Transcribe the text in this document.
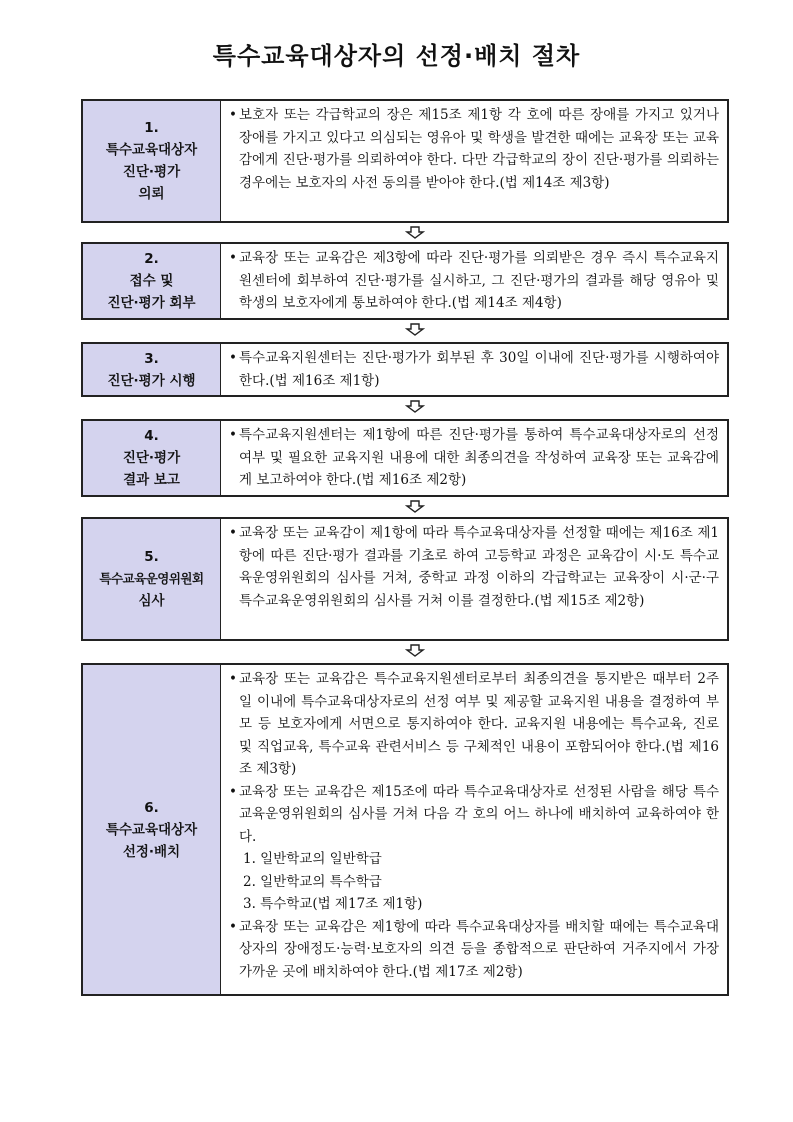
특수교육대상자의 선정·배치 절차
1.
특수교육대상자
진단·평가
의뢰
• 보호자 또는 각급학교의 장은 제15조 제1항 각 호에 따른 장애를 가지고 있거나 장애를 가지고 있다고 의심되는 영유아 및 학생을 발견한 때에는 교육장 또는 교육감에게 진단·평가를 의뢰하여야 한다. 다만 각급학교의 장이 진단·평가를 의뢰하는 경우에는 보호자의 사전 동의를 받아야 한다.(법 제14조 제3항)
2.
접수 및
진단·평가 회부
• 교육장 또는 교육감은 제3항에 따라 진단·평가를 의뢰받은 경우 즉시 특수교육지원센터에 회부하여 진단·평가를 실시하고, 그 진단·평가의 결과를 해당 영유아 및 학생의 보호자에게 통보하여야 한다.(법 제14조 제4항)
3.
진단·평가 시행
• 특수교육지원센터는 진단·평가가 회부된 후 30일 이내에 진단·평가를 시행하여야 한다.(법 제16조 제1항)
4.
진단·평가
결과 보고
• 특수교육지원센터는 제1항에 따른 진단·평가를 통하여 특수교육대상자로의 선정 여부 및 필요한 교육지원 내용에 대한 최종의견을 작성하여 교육장 또는 교육감에게 보고하여야 한다.(법 제16조 제2항)
5.
특수교육운영위원회
심사
• 교육장 또는 교육감이 제1항에 따라 특수교육대상자를 선정할 때에는 제16조 제1항에 따른 진단·평가 결과를 기초로 하여 고등학교 과정은 교육감이 시·도 특수교육운영위원회의 심사를 거쳐, 중학교 과정 이하의 각급학교는 교육장이 시·군·구 특수교육운영위원회의 심사를 거쳐 이를 결정한다.(법 제15조 제2항)
6.
특수교육대상자
선정·배치
• 교육장 또는 교육감은 특수교육지원센터로부터 최종의견을 통지받은 때부터 2주일 이내에 특수교육대상자로의 선정 여부 및 제공할 교육지원 내용을 결정하여 부모 등 보호자에게 서면으로 통지하여야 한다. 교육지원 내용에는 특수교육, 진로 및 직업교육, 특수교육 관련서비스 등 구체적인 내용이 포함되어야 한다.(법 제16조 제3항)
• 교육장 또는 교육감은 제15조에 따라 특수교육대상자로 선정된 사람을 해당 특수교육운영위원회의 심사를 거쳐 다음 각 호의 어느 하나에 배치하여 교육하여야 한다.
1. 일반학교의 일반학급
2. 일반학교의 특수학급
3. 특수학교(법 제17조 제1항)
• 교육장 또는 교육감은 제1항에 따라 특수교육대상자를 배치할 때에는 특수교육대상자의 장애정도·능력·보호자의 의견 등을 종합적으로 판단하여 거주지에서 가장 가까운 곳에 배치하여야 한다.(법 제17조 제2항)
